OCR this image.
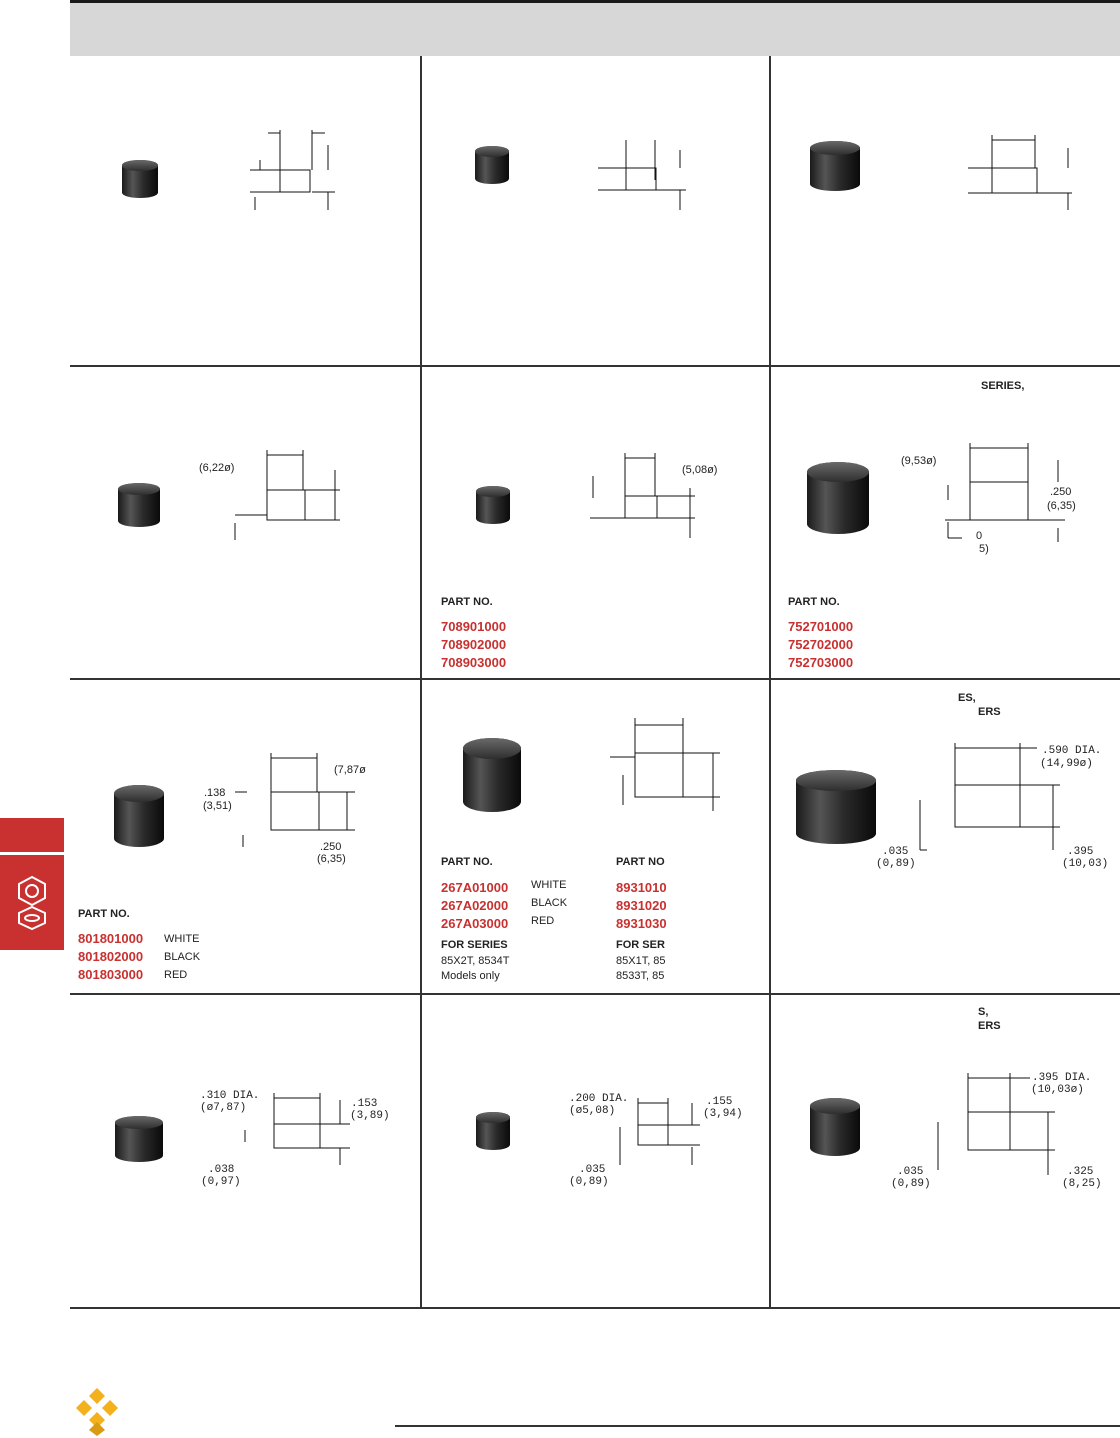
(6,22ø)	(5,08ø)
PART NO.
708901000
708902000
708903000
SERIES,
(9,53ø)
.250
(6,35)
0
5)
PART NO.
752701000
752702000
752703000
(7,87ø
.138
(3,51)
.250
(6,35)
PART NO.
801801000
801802000
801803000
WHITE
BLACK
RED
PART NO.
267A01000
267A02000
267A03000
WHITE
BLACK
RED
FOR SERIES
85X2T, 8534T
Models only
PART NO
8931010
8931020
8931030
FOR SER
85X1T, 85
8533T, 85
ES,
ERS
.590 DIA.
(14,99ø)
.035
(0,89)
.395
(10,03)
.310 DIA.
(ø7,87)	.153
(3,89)
.038
(0,97)
.200 DIA.
(ø5,08)
.155
(3,94)
.035
(0,89)
S,
ERS
.395 DIA.
(10,03ø)
.035
(0,89)
.325
(8,25)
